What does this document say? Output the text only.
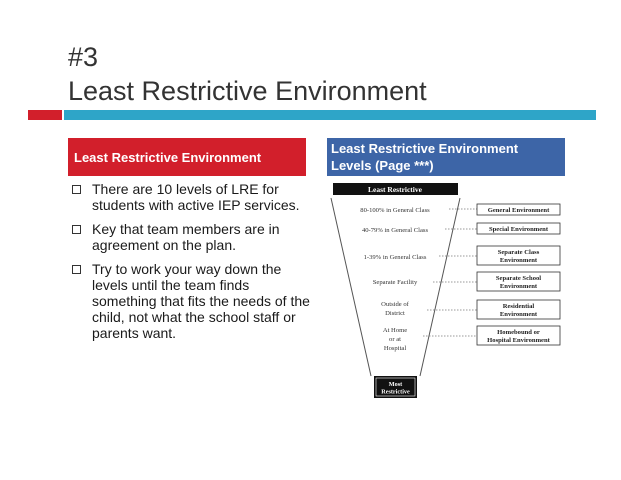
#3
Least Restrictive Environment
Least Restrictive Environment
Least Restrictive Environment
Levels (Page ***)
There are 10 levels of LRE for students with active IEP services.
Key that team members are in agreement on the plan.
Try to work your way down the levels until the team finds something that fits the needs of the child, not what the school staff or parents want.
Least Restrictive
80-100% in General Class
40-79% in General Class
1-39% in General Class
Separate Facility
Outside of
District
At Home
or at
Hospital
Most
Restrictive
General Environment
Special Environment
Separate Class
Environment
Separate School
Environment
Residential
Environment
Homebound or
Hospital Environment
